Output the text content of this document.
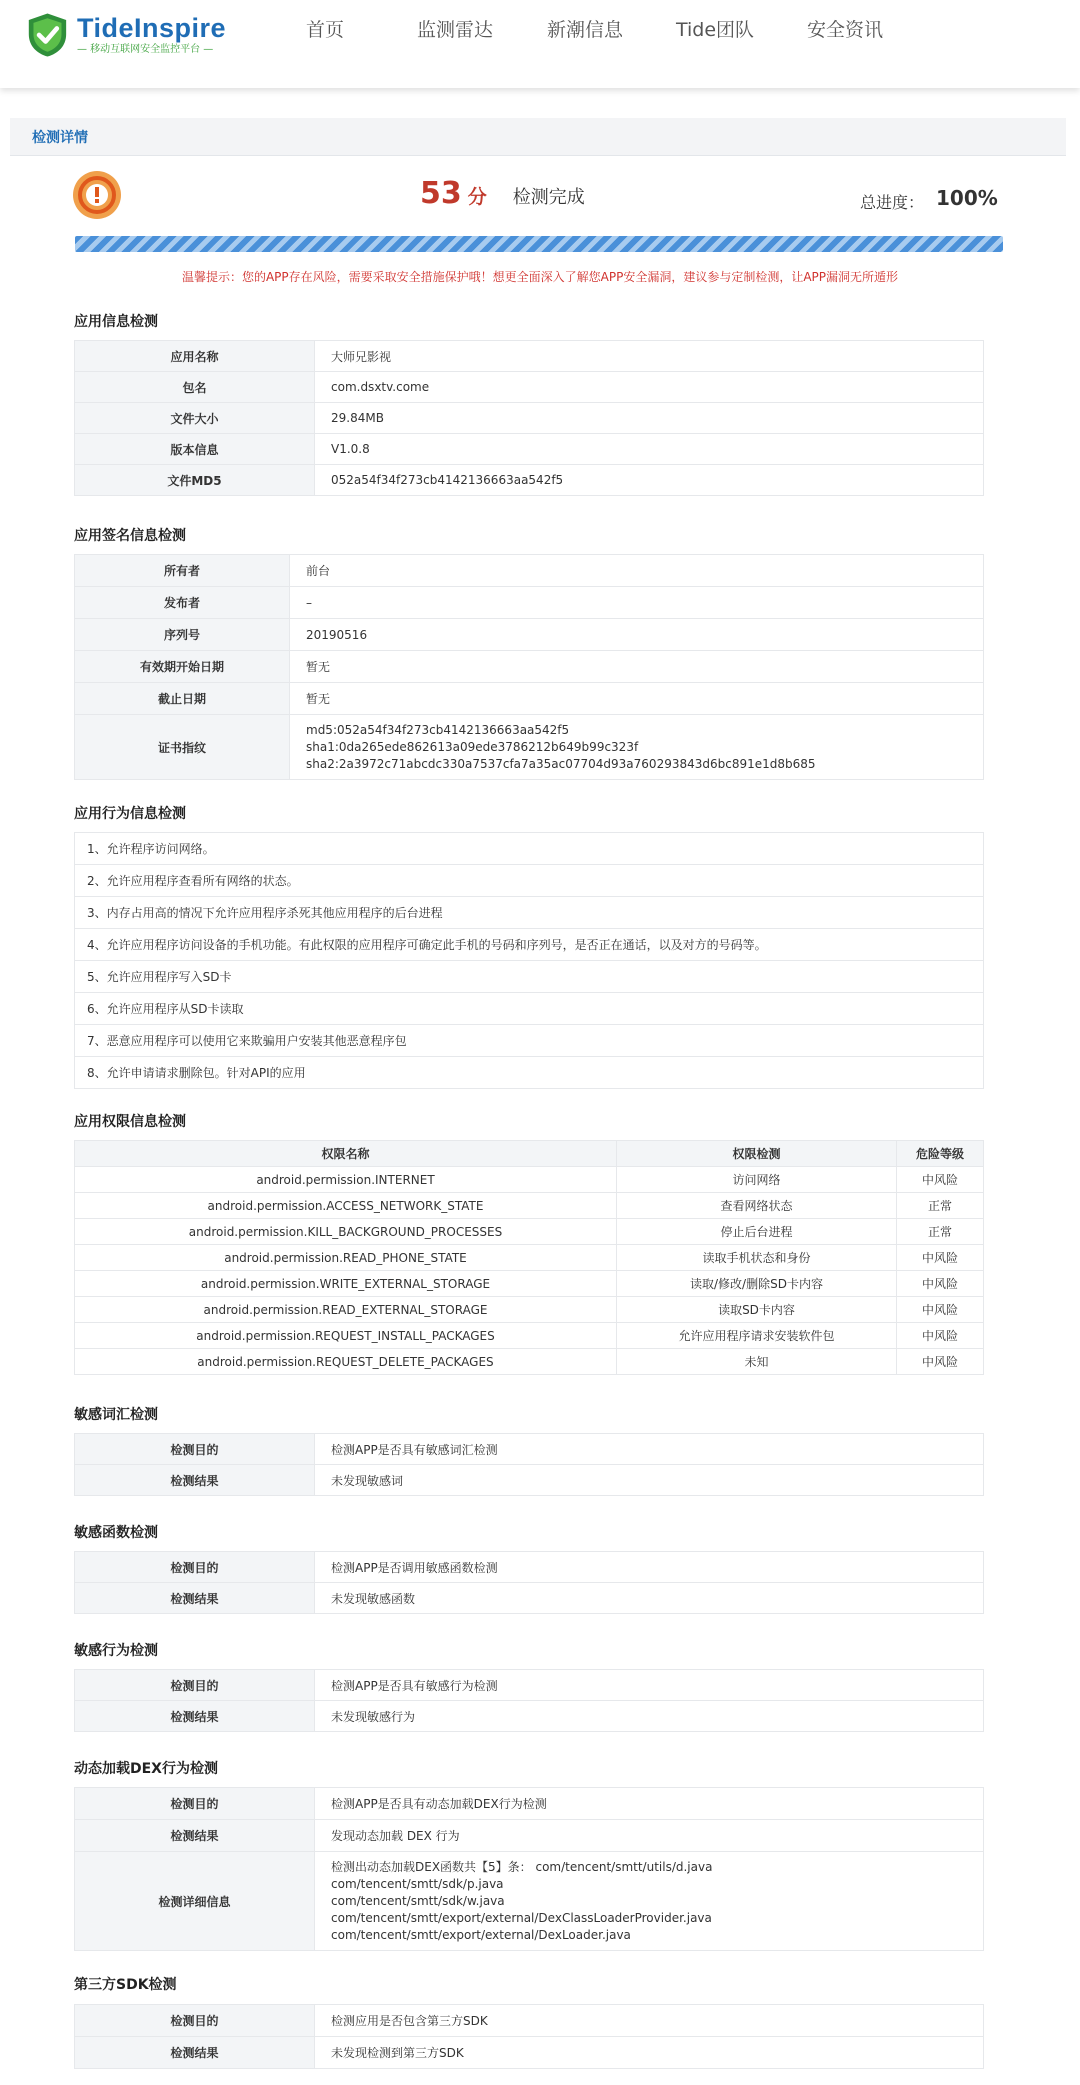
TideInspire
— 移动互联网安全监控平台 —
首页	监测雷达	新潮信息	Tide团队	安全资讯
检测详情
53 分 检测完成	总进度： 100%
温馨提示：您的APP存在风险，需要采取安全措施保护哦！想更全面深入了解您APP安全漏洞，建议参与定制检测，让APP漏洞无所遁形
应用信息检测
应用名称	大师兄影视
包名	com.dsxtv.come
文件大小	29.84MB
版本信息	V1.0.8
文件MD5	052a54f34f273cb4142136663aa542f5
应用签名信息检测
所有者	前台
发布者	–
序列号	20190516
有效期开始日期	暂无
截止日期	暂无
证书指纹	md5:052a54f34f273cb4142136663aa542f5
sha1:0da265ede862613a09ede3786212b649b99c323f
sha2:2a3972c71abcdc330a7537cfa7a35ac07704d93a760293843d6bc891e1d8b685
应用行为信息检测
1、允许程序访问网络。
2、允许应用程序查看所有网络的状态。
3、内存占用高的情况下允许应用程序杀死其他应用程序的后台进程
4、允许应用程序访问设备的手机功能。有此权限的应用程序可确定此手机的号码和序列号，是否正在通话，以及对方的号码等。
5、允许应用程序写入SD卡
6、允许应用程序从SD卡读取
7、恶意应用程序可以使用它来欺骗用户安装其他恶意程序包
8、允许申请请求删除包。针对API的应用
应用权限信息检测
权限名称	权限检测	危险等级
android.permission.INTERNET	访问网络	中风险
android.permission.ACCESS_NETWORK_STATE	查看网络状态	正常
android.permission.KILL_BACKGROUND_PROCESSES	停止后台进程	正常
android.permission.READ_PHONE_STATE	读取手机状态和身份	中风险
android.permission.WRITE_EXTERNAL_STORAGE	读取/修改/删除SD卡内容	中风险
android.permission.READ_EXTERNAL_STORAGE	读取SD卡内容	中风险
android.permission.REQUEST_INSTALL_PACKAGES	允许应用程序请求安装软件包	中风险
android.permission.REQUEST_DELETE_PACKAGES	未知	中风险
敏感词汇检测
检测目的	检测APP是否具有敏感词汇检测
检测结果	未发现敏感词
敏感函数检测
检测目的	检测APP是否调用敏感函数检测
检测结果	未发现敏感函数
敏感行为检测
检测目的	检测APP是否具有敏感行为检测
检测结果	未发现敏感行为
动态加载DEX行为检测
检测目的	检测APP是否具有动态加载DEX行为检测
检测结果	发现动态加载 DEX 行为
检测详细信息	检测出动态加载DEX函数共【5】条： com/tencent/smtt/utils/d.java
com/tencent/smtt/sdk/p.java
com/tencent/smtt/sdk/w.java
com/tencent/smtt/export/external/DexClassLoaderProvider.java
com/tencent/smtt/export/external/DexLoader.java
第三方SDK检测
检测目的	检测应用是否包含第三方SDK
检测结果	未发现检测到第三方SDK
